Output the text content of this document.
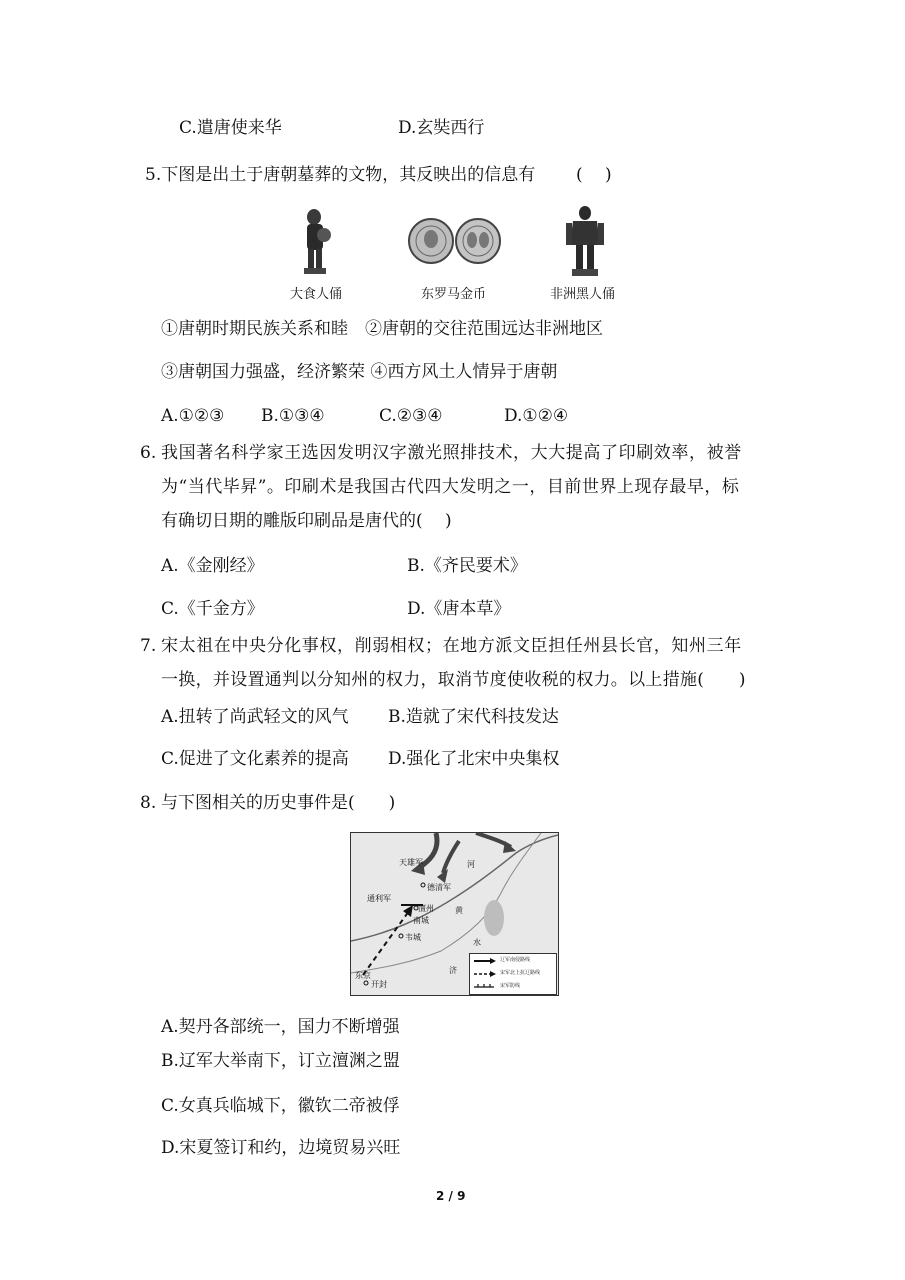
C.遣唐使来华	D.玄奘西行
5.下图是出土于唐朝墓葬的文物，其反映出的信息有 (　 )
大食人俑	东罗马金币	非洲黑人俑
①唐朝时期民族关系和睦　②唐朝的交往范围远达非洲地区
③唐朝国力强盛，经济繁荣 ④西方风土人情异于唐朝
A.①②③ B.①③④	C.②③④	D.①②④
6. 我国著名科学家王选因发明汉字激光照排技术，大大提高了印刷效率，被誉
为“当代毕昇”。印刷术是我国古代四大发明之一，目前世界上现存最早，标
有确切日期的雕版印刷品是唐代的(　 )
A.《金刚经》	B.《齐民要术》
C.《千金方》	D.《唐本草》
7. 宋太祖在中央分化事权，削弱相权；在地方派文臣担任州县长官，知州三年
一换，并设置通判以分知州的权力，取消节度使收税的权力。以上措施(　　)
A.扭转了尚武轻文的风气 B.造就了宋代科技发达
C.促进了文化素养的提高 D.强化了北宋中央集权
8. 与下图相关的历史事件是(　　)
天雄军
德清军
通利军
澶州
南城
韦城
东京
开封
河
黄
水
济
辽军南侵路线
宋军北上抗辽路线
宋军防线
A.契丹各部统一，国力不断增强
B.辽军大举南下，订立澶渊之盟
C.女真兵临城下，徽钦二帝被俘
D.宋夏签订和约，边境贸易兴旺
2 / 9
